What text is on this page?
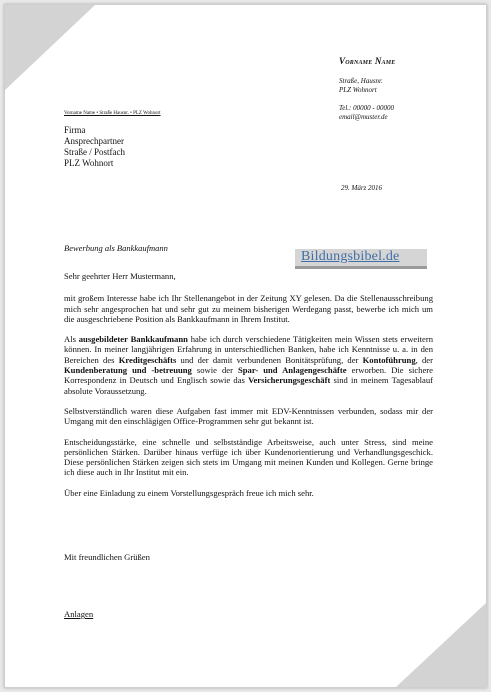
Vorname Name
Straße, Hausnr.
PLZ Wohnort
Tel.: 00000 - 00000
email@muster.de
Vorname Name • Straße Hausnr. • PLZ Wohnort
Firma
Ansprechpartner
Straße / Postfach
PLZ Wohnort
29. März 2016
Bewerbung als Bankkaufmann
Bildungsbibel.de

Sehr geehrter Herr Mustermann,

mit großem Interesse habe ich Ihr Stellenangebot in der Zeitung XY gelesen. Da die Stellenausschreibung mich sehr angesprochen hat und sehr gut zu meinem bisherigen Werdegang passt, bewerbe ich mich um die ausgeschriebene Position als Bankkaufmann in Ihrem Institut.

Als ausgebildeter Bankkaufmann habe ich durch verschiedene Tätigkeiten mein Wissen stets erweitern können. In meiner langjährigen Erfahrung in unterschiedlichen Banken, habe ich Kenntnisse u. a. in den Bereichen des Kreditgeschäfts und der damit verbundenen Bonitätsprüfung, der Kontoführung, der Kundenberatung und -betreuung sowie der Spar- und Anlagengeschäfte erworben. Die sichere Korrespondenz in Deutsch und Englisch sowie das Versicherungsgeschäft sind in meinem Tagesablauf absolute Voraussetzung.

Selbstverständlich waren diese Aufgaben fast immer mit EDV-Kenntnissen verbunden, sodass mir der Umgang mit den einschlägigen Office-Programmen sehr gut bekannt ist.

Entscheidungsstärke, eine schnelle und selbstständige Arbeitsweise, auch unter Stress, sind meine persönlichen Stärken. Darüber hinaus verfüge ich über Kundenorientierung und Verhandlungsgeschick. Diese persönlichen Stärken zeigen sich stets im Umgang mit meinen Kunden und Kollegen. Gerne bringe ich diese auch in Ihr Institut mit ein.

Über eine Einladung zu einem Vorstellungsgespräch freue ich mich sehr.

Mit freundlichen Grüßen
Anlagen
